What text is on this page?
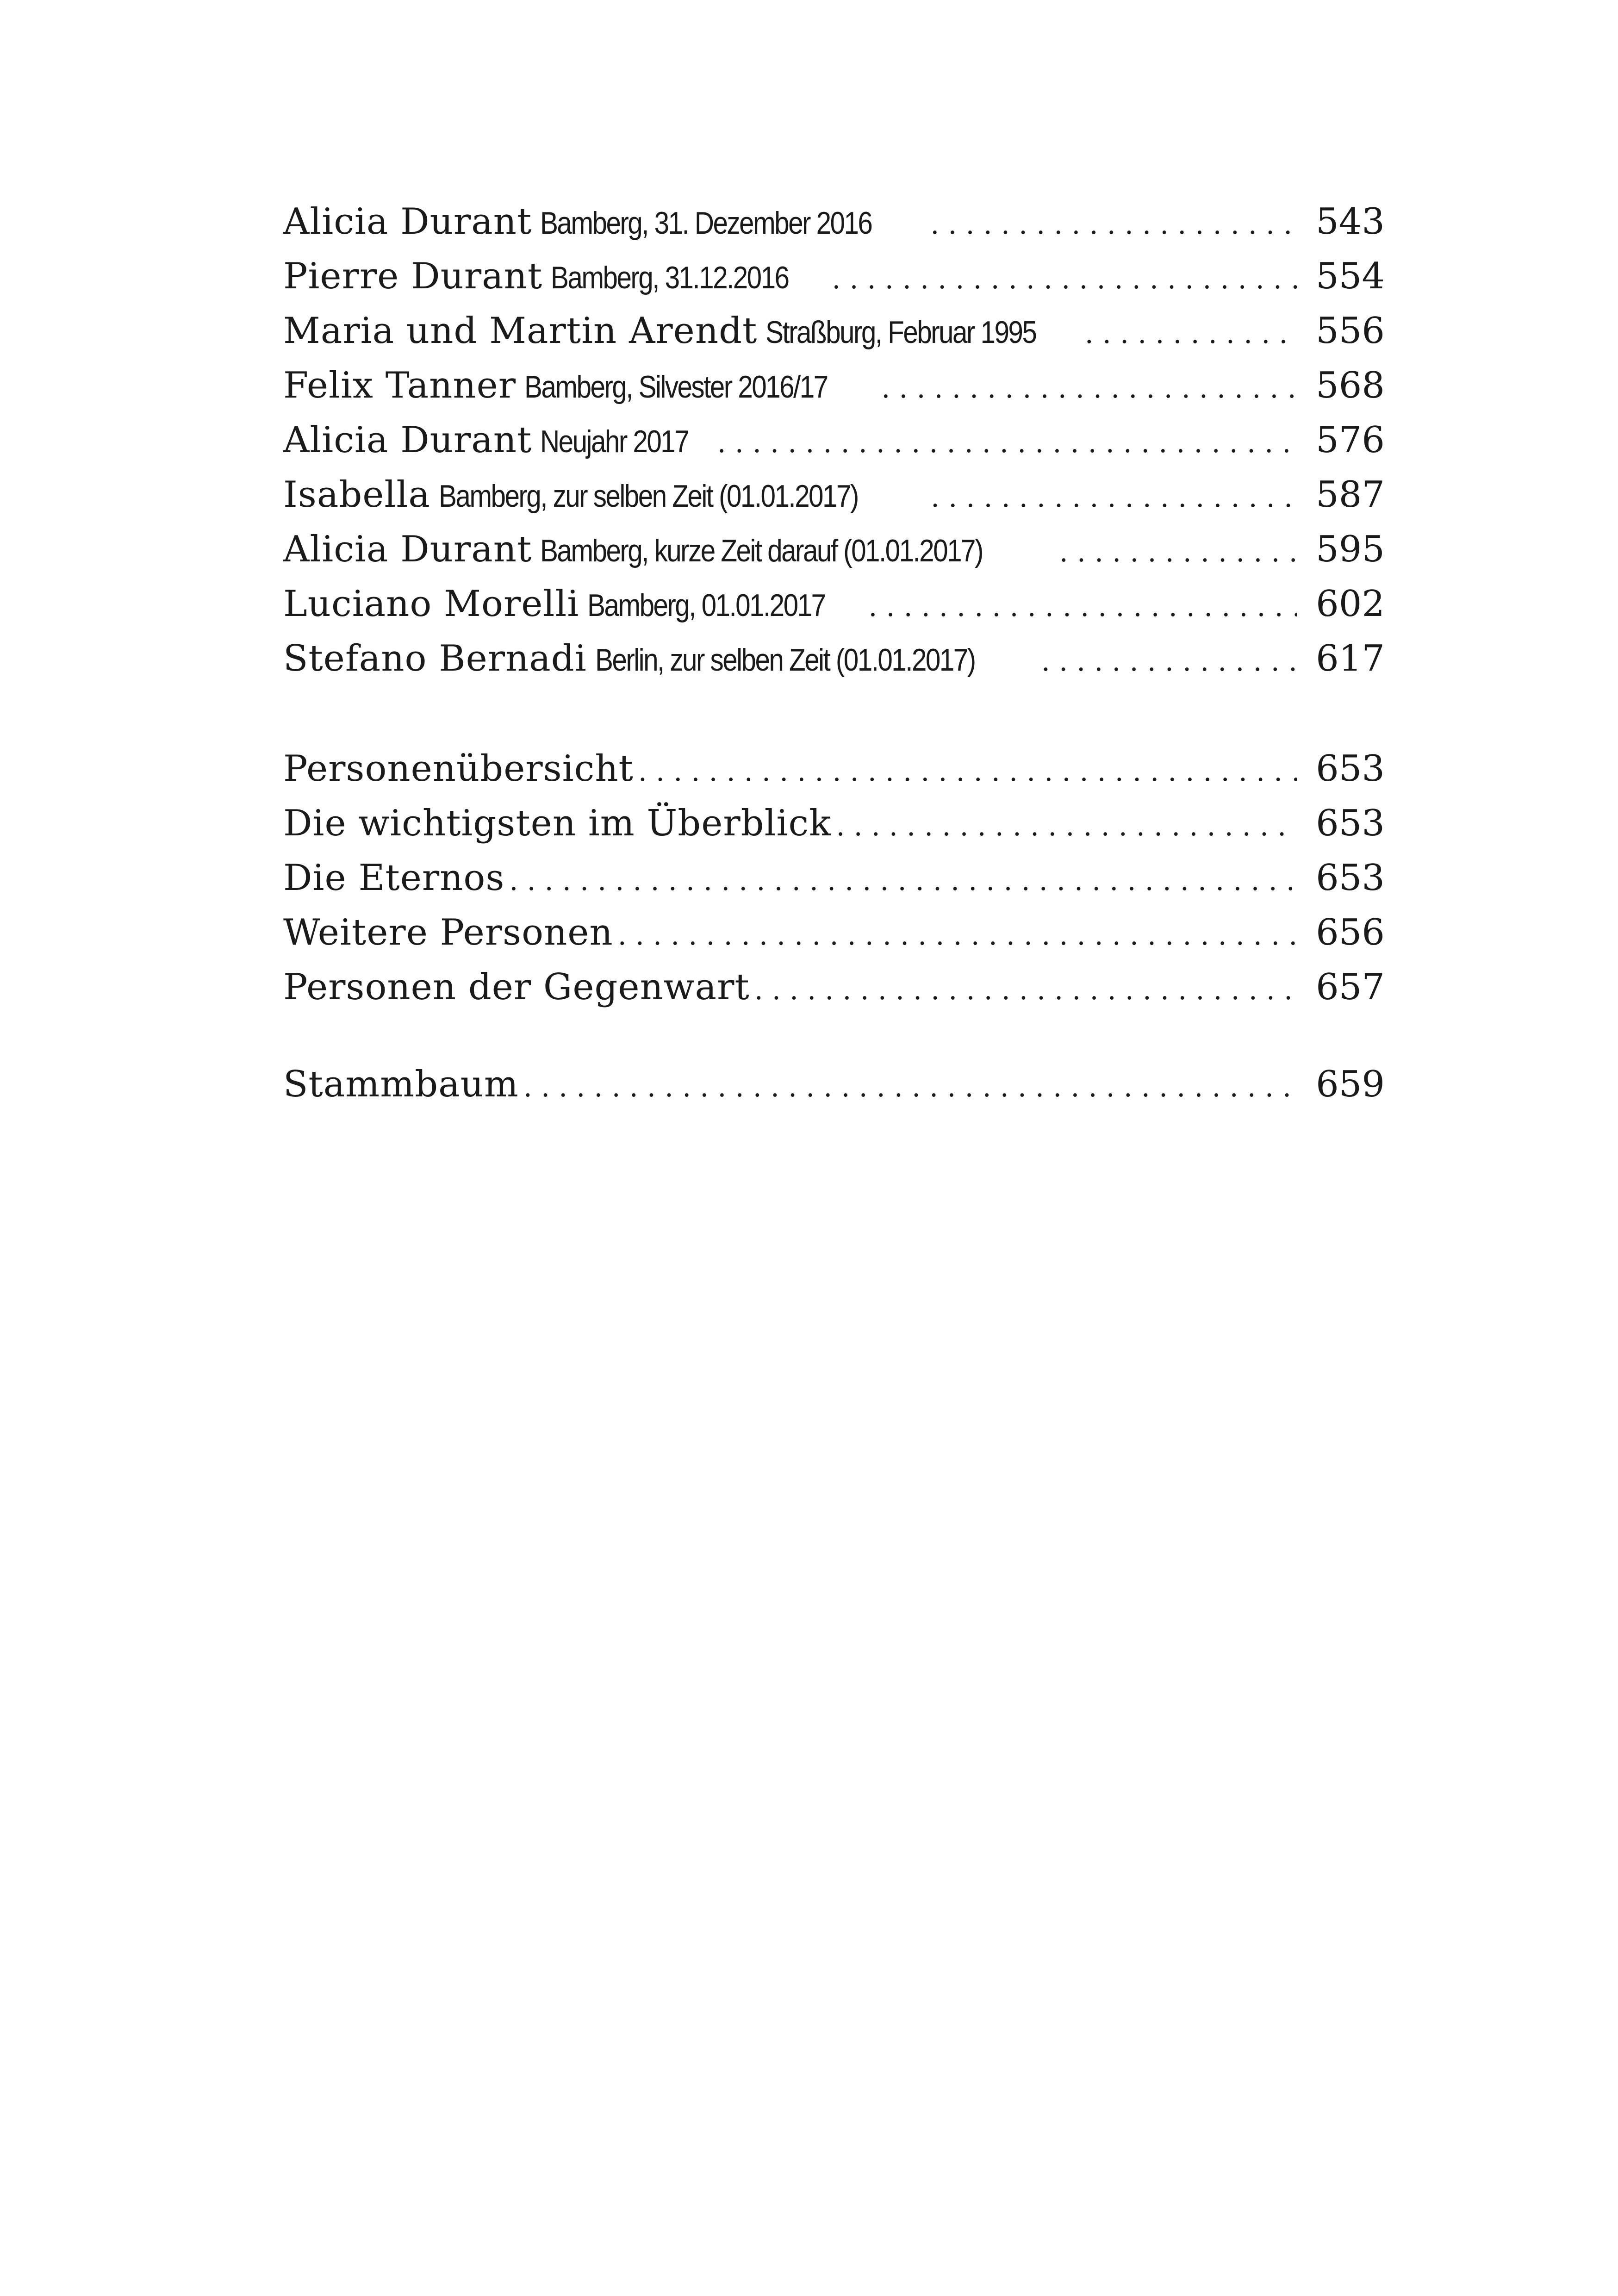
Alicia Durant Bamberg, 31. Dezember 2016 . . .	543
Pierre Durant Bamberg, 31.12.2016 . . .	554
Maria und Martin Arendt Straßburg, Februar 1995 . . .	556
Felix Tanner Bamberg, Silvester 2016/17 . . .	568
Alicia Durant Neujahr 2017 . . .	576
Isabella Bamberg, zur selben Zeit (01.01.2017) . . .	587
Alicia Durant Bamberg, kurze Zeit darauf (01.01.2017) . . .	595
Luciano Morelli Bamberg, 01.01.2017 . . .	602
Stefano Bernadi Berlin, zur selben Zeit (01.01.2017) . . .	617
Personenübersicht . . .	653
Die wichtigsten im Überblick . . .	653
Die Eternos . . .	653
Weitere Personen . . .	656
Personen der Gegenwart . . .	657
Stammbaum . . .	659
